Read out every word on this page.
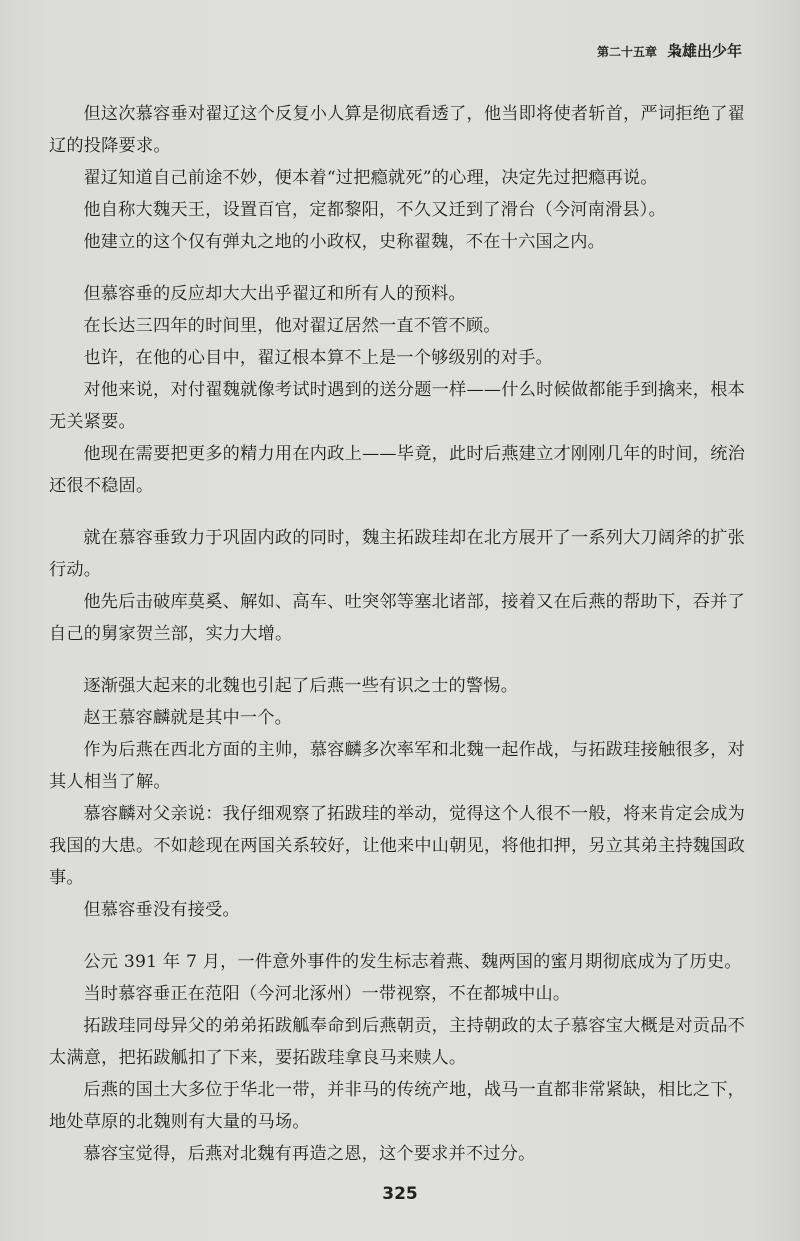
第二十五章 枭雄出少年

但这次慕容垂对翟辽这个反复小人算是彻底看透了，他当即将使者斩首，严词拒绝了翟辽的投降要求。

翟辽知道自己前途不妙，便本着“过把瘾就死”的心理，决定先过把瘾再说。

他自称大魏天王，设置百官，定都黎阳，不久又迁到了滑台（今河南滑县）。

他建立的这个仅有弹丸之地的小政权，史称翟魏，不在十六国之内。

但慕容垂的反应却大大出乎翟辽和所有人的预料。

在长达三四年的时间里，他对翟辽居然一直不管不顾。

也许，在他的心目中，翟辽根本算不上是一个够级别的对手。

对他来说，对付翟魏就像考试时遇到的送分题一样——什么时候做都能手到擒来，根本无关紧要。

他现在需要把更多的精力用在内政上——毕竟，此时后燕建立才刚刚几年的时间，统治还很不稳固。

就在慕容垂致力于巩固内政的同时，魏主拓跋珪却在北方展开了一系列大刀阔斧的扩张行动。

他先后击破库莫奚、解如、高车、吐突邻等塞北诸部，接着又在后燕的帮助下，吞并了自己的舅家贺兰部，实力大增。

逐渐强大起来的北魏也引起了后燕一些有识之士的警惕。

赵王慕容麟就是其中一个。

作为后燕在西北方面的主帅，慕容麟多次率军和北魏一起作战，与拓跋珪接触很多，对其人相当了解。

慕容麟对父亲说：我仔细观察了拓跋珪的举动，觉得这个人很不一般，将来肯定会成为我国的大患。不如趁现在两国关系较好，让他来中山朝见，将他扣押，另立其弟主持魏国政事。

但慕容垂没有接受。

公元 391 年 7 月，一件意外事件的发生标志着燕、魏两国的蜜月期彻底成为了历史。

当时慕容垂正在范阳（今河北涿州）一带视察，不在都城中山。

拓跋珪同母异父的弟弟拓跋觚奉命到后燕朝贡，主持朝政的太子慕容宝大概是对贡品不太满意，把拓跋觚扣了下来，要拓跋珪拿良马来赎人。

后燕的国土大多位于华北一带，并非马的传统产地，战马一直都非常紧缺，相比之下，地处草原的北魏则有大量的马场。

慕容宝觉得，后燕对北魏有再造之恩，这个要求并不过分。

325
